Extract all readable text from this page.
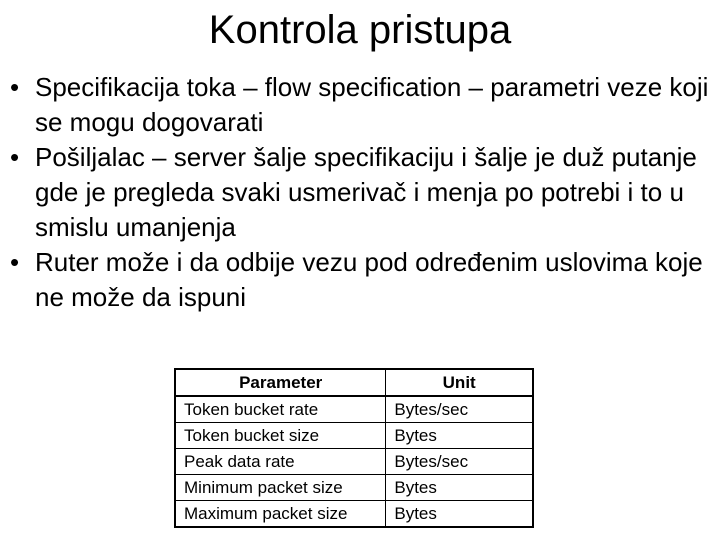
Kontrola pristupa
• Specifikacija toka – flow specification – parametri veze koji se mogu dogovarati
• Pošiljalac – server šalje specifikaciju i šalje je duž putanje gde je pregleda svaki usmerivač i menja po potrebi i to u smislu umanjenja
• Ruter može i da odbije vezu pod određenim uslovima koje ne može da ispuni
Parameter	Unit
Token bucket rate	Bytes/sec
Token bucket size	Bytes
Peak data rate	Bytes/sec
Minimum packet size	Bytes
Maximum packet size	Bytes
